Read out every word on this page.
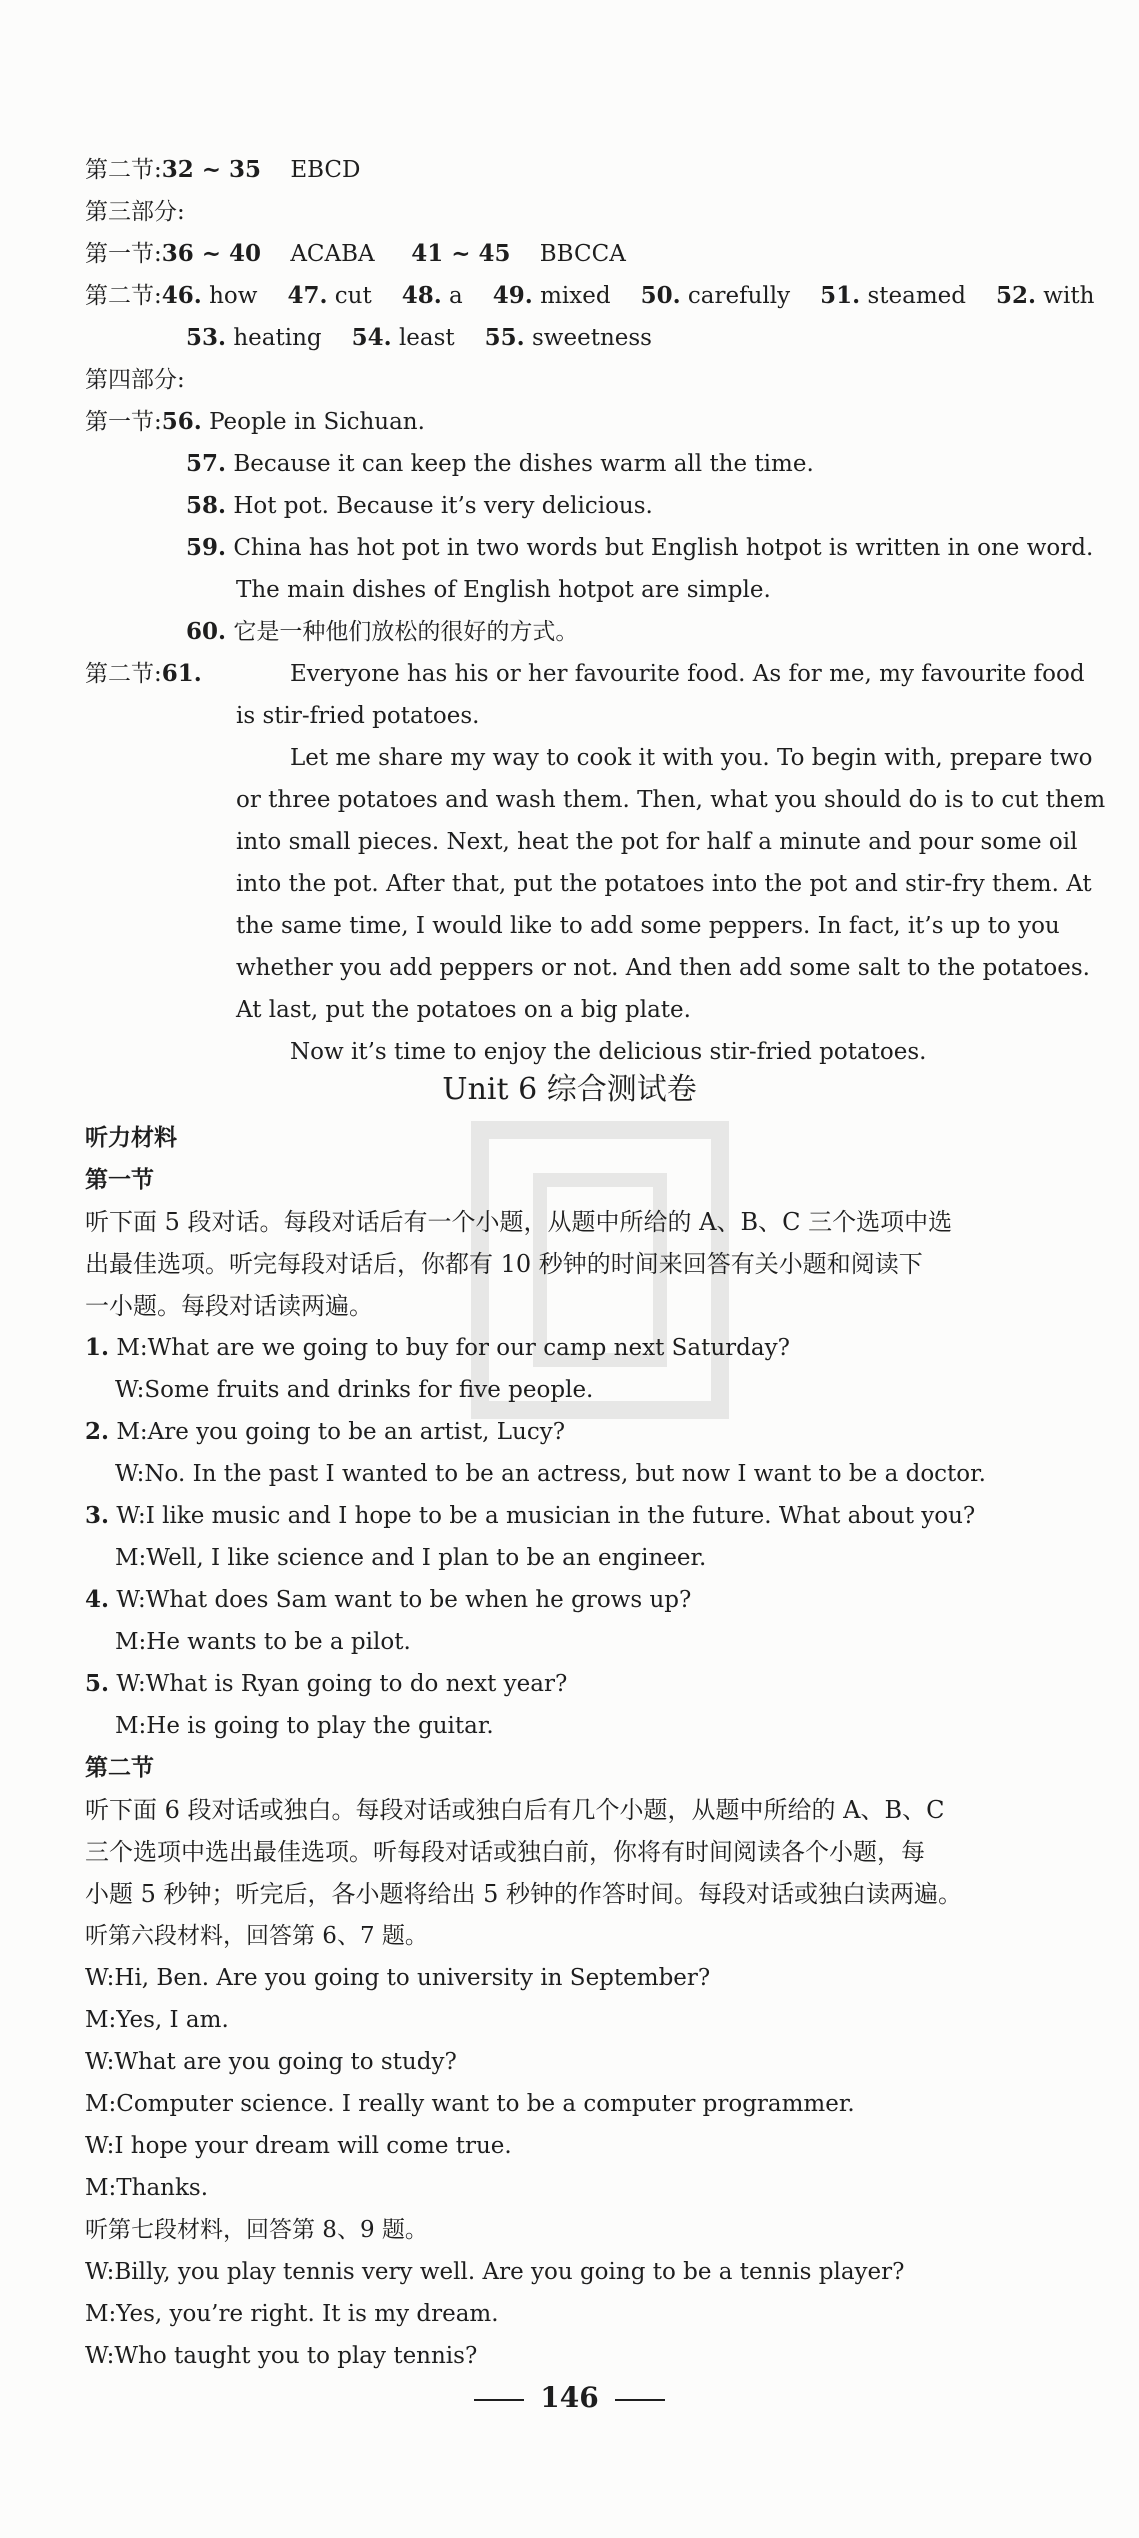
第二节:32 ~ 35 EBCD
第三部分:
第一节:36 ~ 40 ACABA 41 ~ 45 BBCCA
第二节:46. how 47. cut 48. a 49. mixed 50. carefully 51. steamed 52. with
53. heating 54. least 55. sweetness
第四部分:
第一节:56. People in Sichuan.
57. Because it can keep the dishes warm all the time.
58. Hot pot. Because it’s very delicious.
59. China has hot pot in two words but English hotpot is written in one word.
The main dishes of English hotpot are simple.
60. 它是一种他们放松的很好的方式。
第二节:61.	Everyone has his or her favourite food. As for me, my favourite food
is stir-fried potatoes.
Let me share my way to cook it with you. To begin with, prepare two
or three potatoes and wash them. Then, what you should do is to cut them
into small pieces. Next, heat the pot for half a minute and pour some oil
into the pot. After that, put the potatoes into the pot and stir-fry them. At
the same time, I would like to add some peppers. In fact, it’s up to you
whether you add peppers or not. And then add some salt to the potatoes.
At last, put the potatoes on a big plate.
Now it’s time to enjoy the delicious stir-fried potatoes.
Unit 6 综合测试卷
听力材料
第一节
听下面 5 段对话。每段对话后有一个小题，从题中所给的 A、B、C 三个选项中选
出最佳选项。听完每段对话后，你都有 10 秒钟的时间来回答有关小题和阅读下
一小题。每段对话读两遍。
1. M:What are we going to buy for our camp next Saturday?
W:Some fruits and drinks for five people.
2. M:Are you going to be an artist, Lucy?
W:No. In the past I wanted to be an actress, but now I want to be a doctor.
3. W:I like music and I hope to be a musician in the future. What about you?
M:Well, I like science and I plan to be an engineer.
4. W:What does Sam want to be when he grows up?
M:He wants to be a pilot.
5. W:What is Ryan going to do next year?
M:He is going to play the guitar.
第二节
听下面 6 段对话或独白。每段对话或独白后有几个小题，从题中所给的 A、B、C
三个选项中选出最佳选项。听每段对话或独白前，你将有时间阅读各个小题，每
小题 5 秒钟；听完后，各小题将给出 5 秒钟的作答时间。每段对话或独白读两遍。
听第六段材料，回答第 6、7 题。
W:Hi, Ben. Are you going to university in September?
M:Yes, I am.
W:What are you going to study?
M:Computer science. I really want to be a computer programmer.
W:I hope your dream will come true.
M:Thanks.
听第七段材料，回答第 8、9 题。
W:Billy, you play tennis very well. Are you going to be a tennis player?
M:Yes, you’re right. It is my dream.
W:Who taught you to play tennis?
146
